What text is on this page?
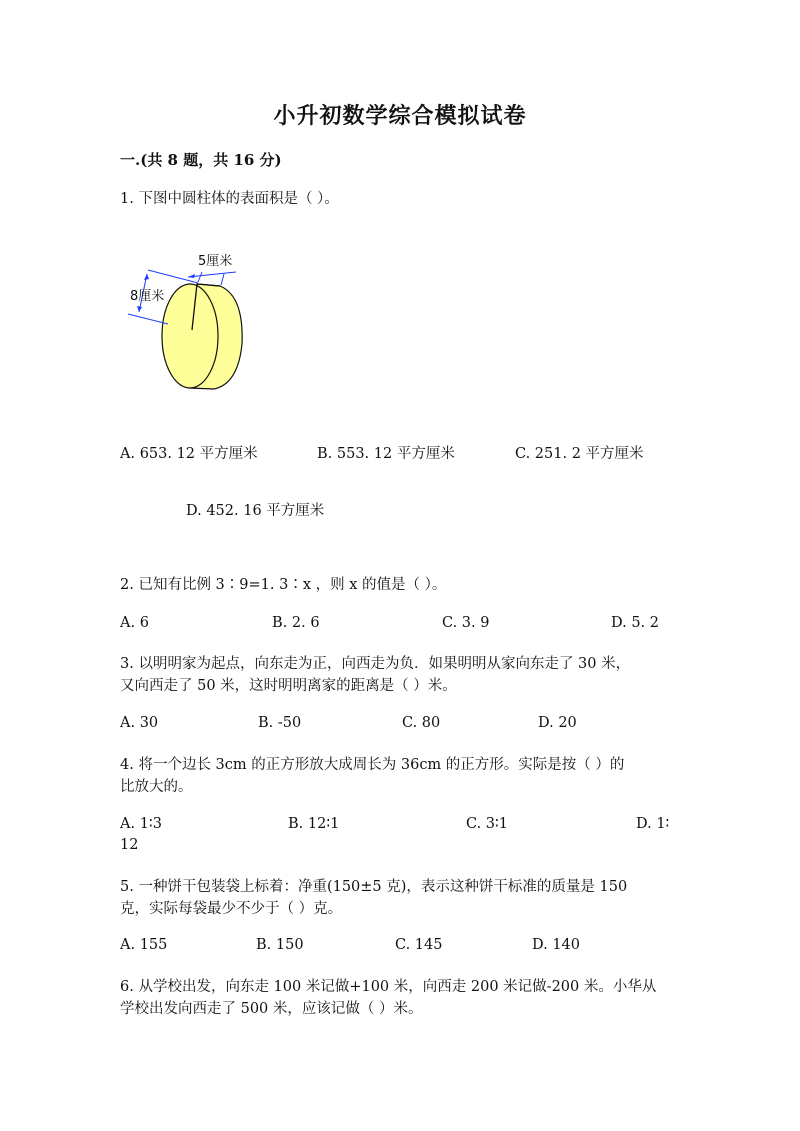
小升初数学综合模拟试卷
一.(共 8 题，共 16 分)
1. 下图中圆柱体的表面积是（ ）。
5厘米
8厘米
A. 653. 12 平方厘米	B. 553. 12 平方厘米	C. 251. 2 平方厘米
D. 452. 16 平方厘米
2. 已知有比例 3∶9=1. 3∶x ，则 x 的值是（ ）。
A. 6	B. 2. 6	C. 3. 9	D. 5. 2
3. 以明明家为起点，向东走为正，向西走为负．如果明明从家向东走了 30 米，
又向西走了 50 米，这时明明离家的距离是（ ）米。
A. 30	B. -50	C. 80	D. 20
4. 将一个边长 3cm 的正方形放大成周长为 36cm 的正方形。实际是按（ ）的
比放大的。
A. 1∶3	B. 12∶1	C. 3∶1	D. 1∶
12
5. 一种饼干包装袋上标着：净重(150±5 克)，表示这种饼干标准的质量是 150
克，实际每袋最少不少于（ ）克。
A. 155	B. 150	C. 145	D. 140
6. 从学校出发，向东走 100 米记做+100 米，向西走 200 米记做-200 米。小华从
学校出发向西走了 500 米，应该记做（ ）米。
